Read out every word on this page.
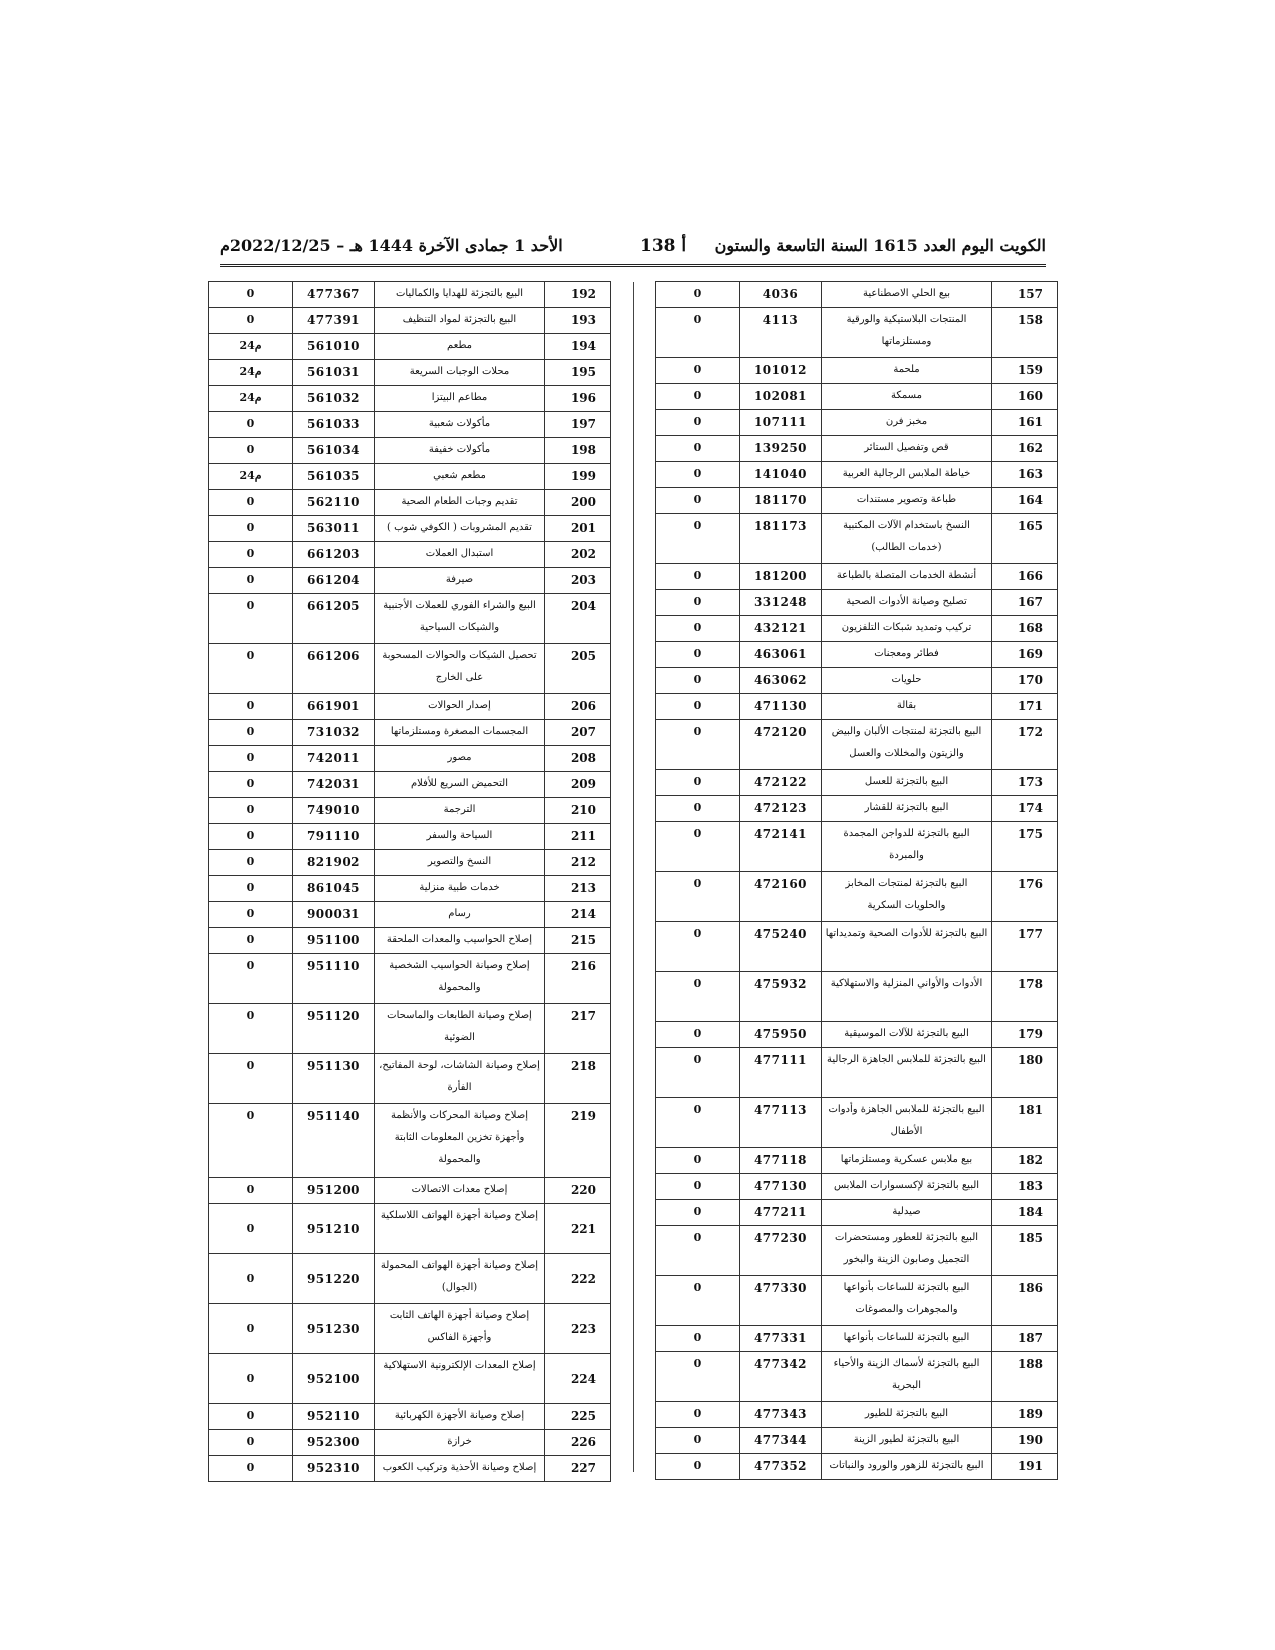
الكويت اليوم العدد 1615 السنة التاسعة والستون
138 أ
الأحد 1 جمادى الآخرة 1444 هـ – 2022/12/25م
0	4036	بيع الحلي الاصطناعية	157
0	4113	المنتجات البلاستيكية والورقية ومستلزماتها	158
0	101012	ملحمة	159
0	102081	مسمكة	160
0	107111	مخبز فرن	161
0	139250	قص وتفصيل الستائر	162
0	141040	خياطة الملابس الرجالية العربية	163
0	181170	طباعة وتصوير مستندات	164
0	181173	النسخ باستخدام الآلات المكتبية (خدمات الطالب)	165
0	181200	أنشطة الخدمات المتصلة بالطباعة	166
0	331248	تصليح وصيانة الأدوات الصحية	167
0	432121	تركيب وتمديد شبكات التلفزيون	168
0	463061	فطائر ومعجنات	169
0	463062	حلويات	170
0	471130	بقالة	171
0	472120	البيع بالتجزئة لمنتجات الألبان والبيض والزيتون والمخللات والعسل	172
0	472122	البيع بالتجزئة للعسل	173
0	472123	البيع بالتجزئة للقشار	174
0	472141	البيع بالتجزئة للدواجن المجمدة والمبردة	175
0	472160	البيع بالتجزئة لمنتجات المخابز والحلويات السكرية	176
0	475240	البيع بالتجزئة للأدوات الصحية وتمديداتها	177
0	475932	الأدوات والأواني المنزلية والاستهلاكية	178
0	475950	البيع بالتجزئة للآلات الموسيقية	179
0	477111	البيع بالتجزئة للملابس الجاهزة الرجالية	180
0	477113	البيع بالتجزئة للملابس الجاهزة وأدوات الأطفال	181
0	477118	بيع ملابس عسكرية ومستلزماتها	182
0	477130	البيع بالتجزئة لإكسسوارات الملابس	183
0	477211	صيدلية	184
0	477230	البيع بالتجزئة للعطور ومستحضرات التجميل وصابون الزينة والبخور	185
0	477330	البيع بالتجزئة للساعات بأنواعها والمجوهرات والمصوغات	186
0	477331	البيع بالتجزئة للساعات بأنواعها	187
0	477342	البيع بالتجزئة لأسماك الزينة والأحياء البحرية	188
0	477343	البيع بالتجزئة للطيور	189
0	477344	البيع بالتجزئة لطيور الزينة	190
0	477352	البيع بالتجزئة للزهور والورود والنباتات	191
0	477367	البيع بالتجزئة للهدايا والكماليات	192
0	477391	البيع بالتجزئة لمواد التنظيف	193
24م	561010	مطعم	194
24م	561031	محلات الوجبات السريعة	195
24م	561032	مطاعم البيتزا	196
0	561033	مأكولات شعبية	197
0	561034	مأكولات خفيفة	198
24م	561035	مطعم شعبي	199
0	562110	تقديم وجبات الطعام الصحية	200
0	563011	تقديم المشروبات ( الكوفي شوب )	201
0	661203	استبدال العملات	202
0	661204	صيرفة	203
0	661205	البيع والشراء الفوري للعملات الأجنبية والشيكات السياحية	204
0	661206	تحصيل الشيكات والحوالات المسحوبة على الخارج	205
0	661901	إصدار الحوالات	206
0	731032	المجسمات المصغرة ومستلزماتها	207
0	742011	مصور	208
0	742031	التحميض السريع للأفلام	209
0	749010	الترجمة	210
0	791110	السياحة والسفر	211
0	821902	النسخ والتصوير	212
0	861045	خدمات طبية منزلية	213
0	900031	رسام	214
0	951100	إصلاح الحواسيب والمعدات الملحقة	215
0	951110	إصلاح وصيانة الحواسيب الشخصية والمحمولة	216
0	951120	إصلاح وصيانة الطابعات والماسحات الضوئية	217
0	951130	إصلاح وصيانة الشاشات، لوحة المفاتيح، الفأرة	218
0	951140	إصلاح وصيانة المحركات والأنظمة وأجهزة تخزين المعلومات الثابتة والمحمولة	219
0	951200	إصلاح معدات الاتصالات	220
0	951210	إصلاح وصيانة أجهزة الهواتف اللاسلكية	221
0	951220	إصلاح وصيانة أجهزة الهواتف المحمولة (الجوال)	222
0	951230	إصلاح وصيانة أجهزة الهاتف الثابت وأجهزة الفاكس	223
0	952100	إصلاح المعدات الإلكترونية الاستهلاكية	224
0	952110	إصلاح وصيانة الأجهزة الكهربائية	225
0	952300	خرازة	226
0	952310	إصلاح وصيانة الأحذية وتركيب الكعوب	227
